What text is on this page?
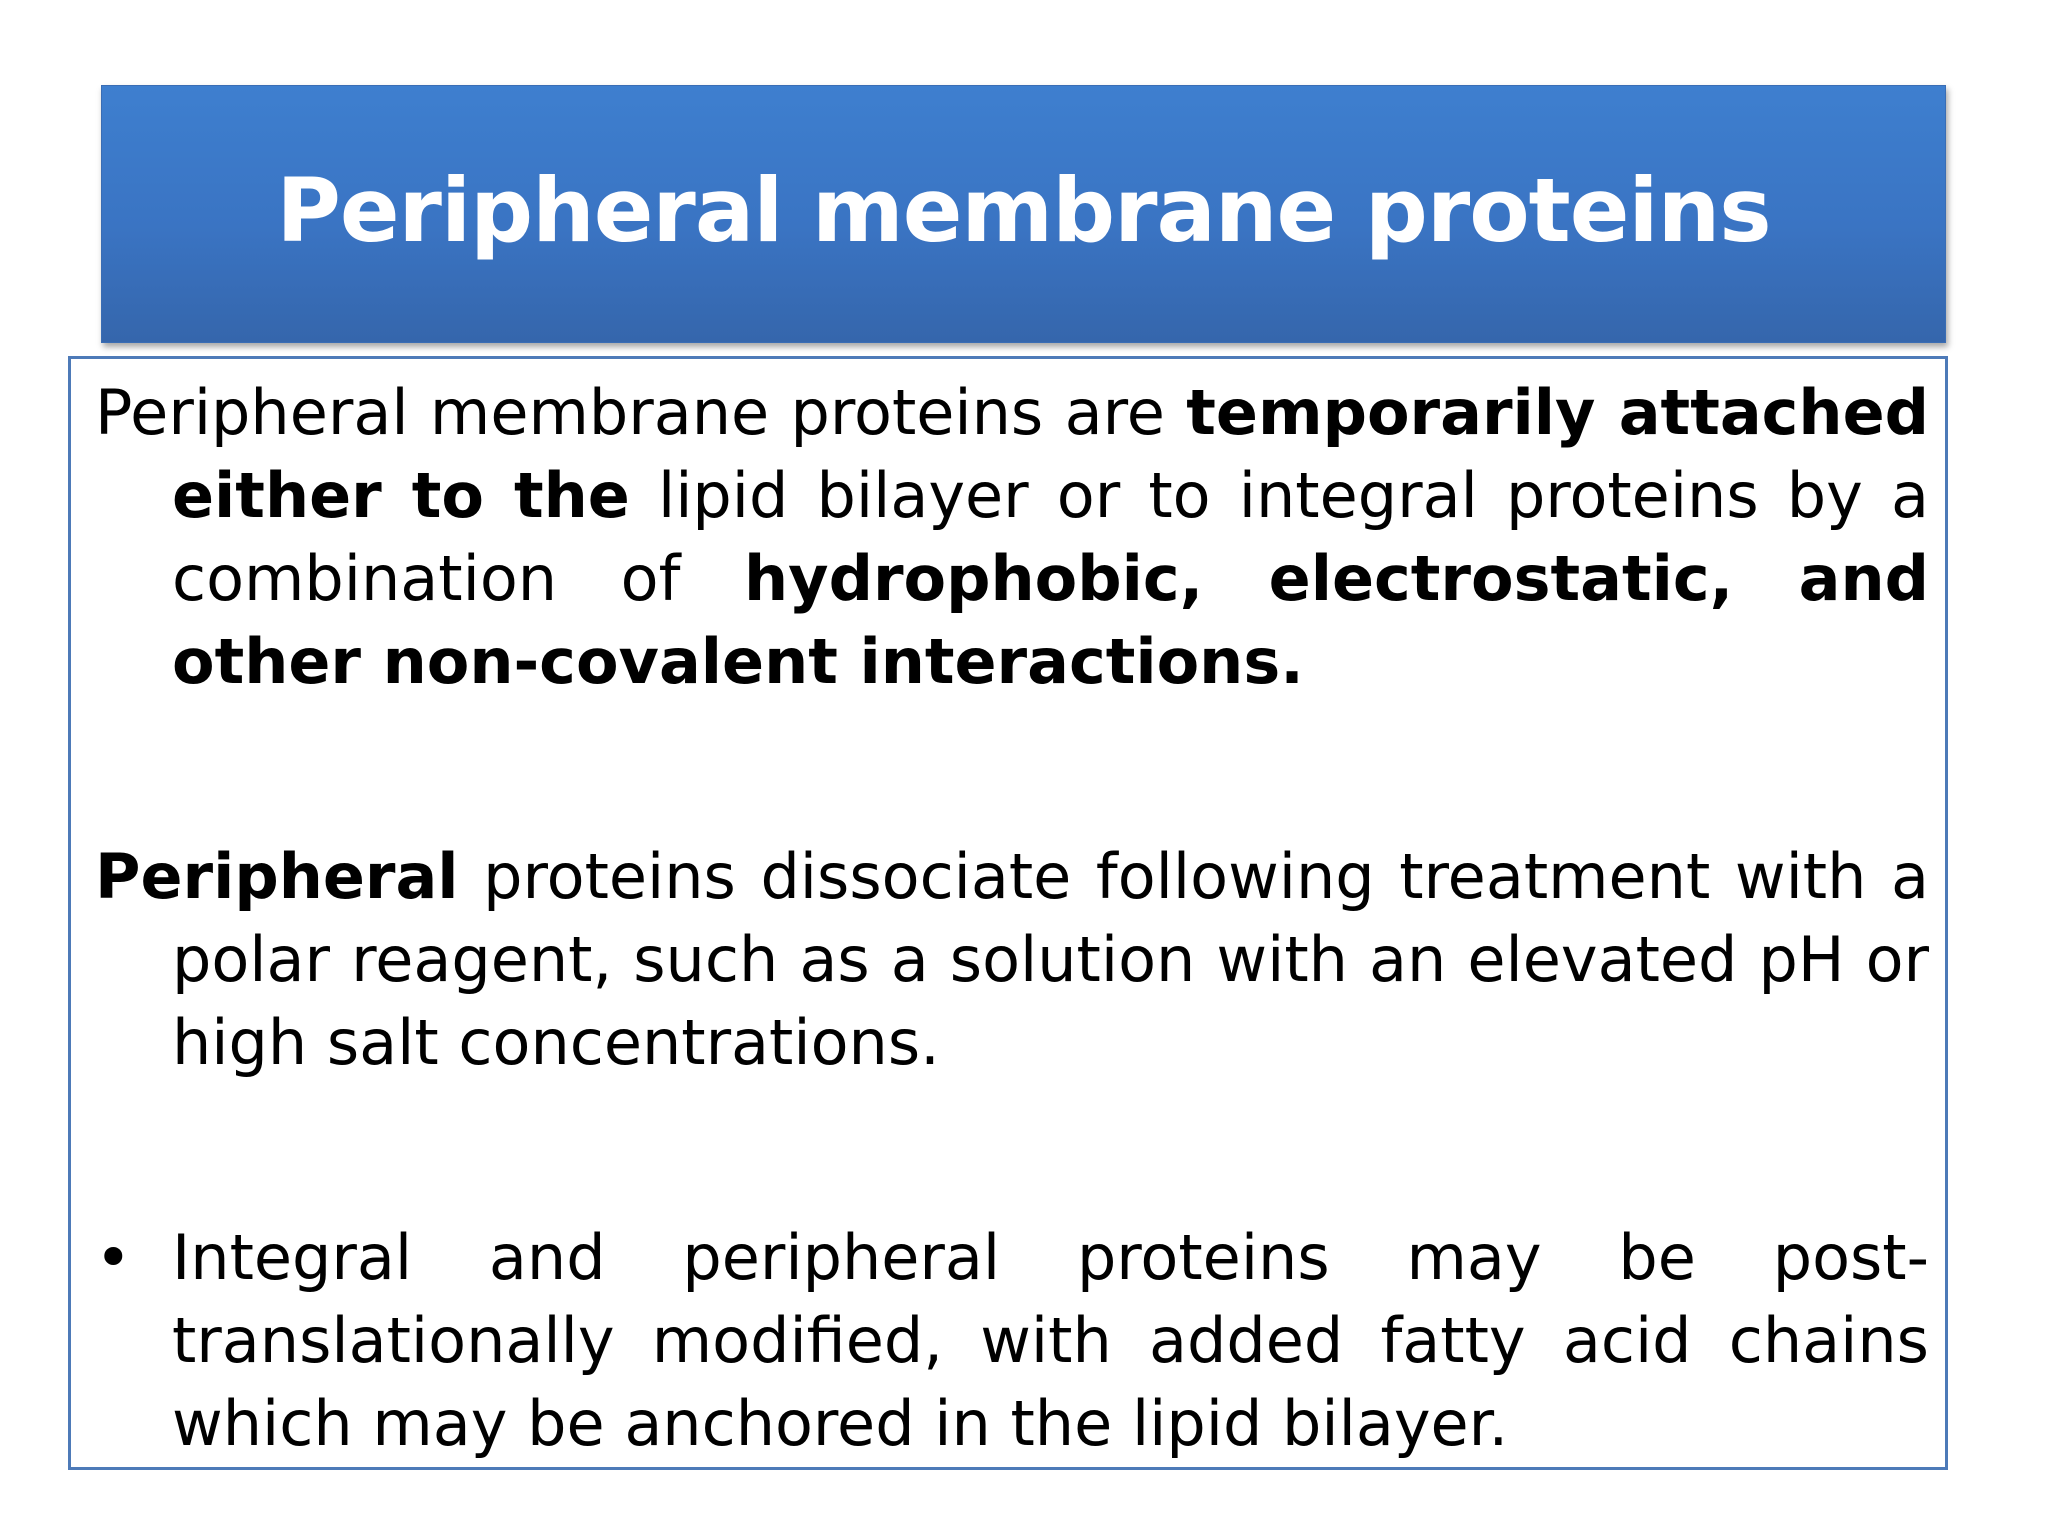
Peripheral membrane proteins

Peripheral membrane proteins are temporarily attached either to the lipid bilayer or to integral proteins by a combination of hydrophobic, electrostatic, and other non-covalent interactions.

Peripheral proteins dissociate following treatment with a polar reagent, such as a solution with an elevated pH or high salt concentrations.

• Integral and peripheral proteins may be post-translationally modified, with added fatty acid chains which may be anchored in the lipid bilayer.
